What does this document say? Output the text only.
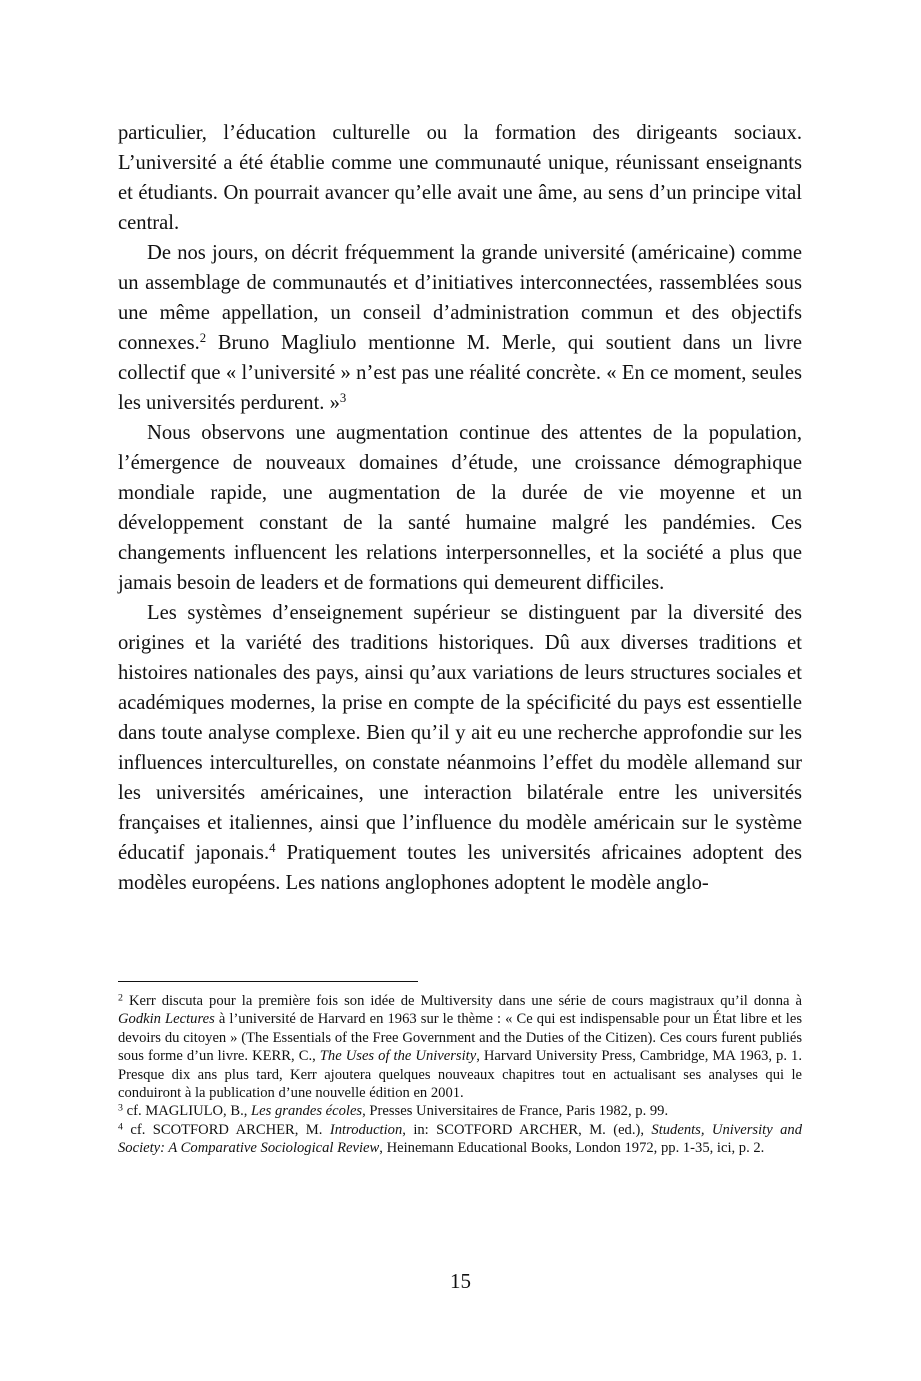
particulier, l’éducation culturelle ou la formation des dirigeants sociaux. L’université a été établie comme une communauté unique, réunissant enseignants et étudiants. On pourrait avancer qu’elle avait une âme, au sens d’un principe vital central.

De nos jours, on décrit fréquemment la grande université (américaine) comme un assemblage de communautés et d’initiatives interconnectées, rassemblées sous une même appellation, un conseil d’administration commun et des objectifs connexes.$^2$ Bruno Magliulo mentionne M. Merle, qui soutient dans un livre collectif que « l’université » n’est pas une réalité concrète. « En ce moment, seules les universités perdurent. »$^3$

Nous observons une augmentation continue des attentes de la population, l’émergence de nouveaux domaines d’étude, une croissance démographique mondiale rapide, une augmentation de la durée de vie moyenne et un développement constant de la santé humaine malgré les pandémies. Ces changements influencent les relations interpersonnelles, et la société a plus que jamais besoin de leaders et de formations qui demeurent difficiles.

Les systèmes d’enseignement supérieur se distinguent par la diversité des origines et la variété des traditions historiques. Dû aux diverses traditions et histoires nationales des pays, ainsi qu’aux variations de leurs structures sociales et académiques modernes, la prise en compte de la spécificité du pays est essentielle dans toute analyse complexe. Bien qu’il y ait eu une recherche approfondie sur les influences interculturelles, on constate néanmoins l’effet du modèle allemand sur les universités américaines, une interaction bilatérale entre les universités françaises et italiennes, ainsi que l’influence du modèle américain sur le système éducatif japonais.$^4$ Pratiquement toutes les universités africaines adoptent des modèles européens. Les nations anglophones adoptent le modèle anglo-

$^2$ Kerr discuta pour la première fois son idée de Multiversity dans une série de cours magistraux qu’il donna à Godkin Lectures à l’université de Harvard en 1963 sur le thème : « Ce qui est indispensable pour un État libre et les devoirs du citoyen » (The Essentials of the Free Government and the Duties of the Citizen). Ces cours furent publiés sous forme d’un livre. KERR, C., The Uses of the University, Harvard University Press, Cambridge, MA 1963, p. 1. Presque dix ans plus tard, Kerr ajoutera quelques nouveaux chapitres tout en actualisant ses analyses qui le conduiront à la publication d’une nouvelle édition en 2001.

$^3$ cf. MAGLIULO, B., Les grandes écoles, Presses Universitaires de France, Paris 1982, p. 99.

$^4$ cf. SCOTFORD ARCHER, M. Introduction, in: SCOTFORD ARCHER, M. (ed.), Students, University and Society: A Comparative Sociological Review, Heinemann Educational Books, London 1972, pp. 1-35, ici, p. 2.

15
